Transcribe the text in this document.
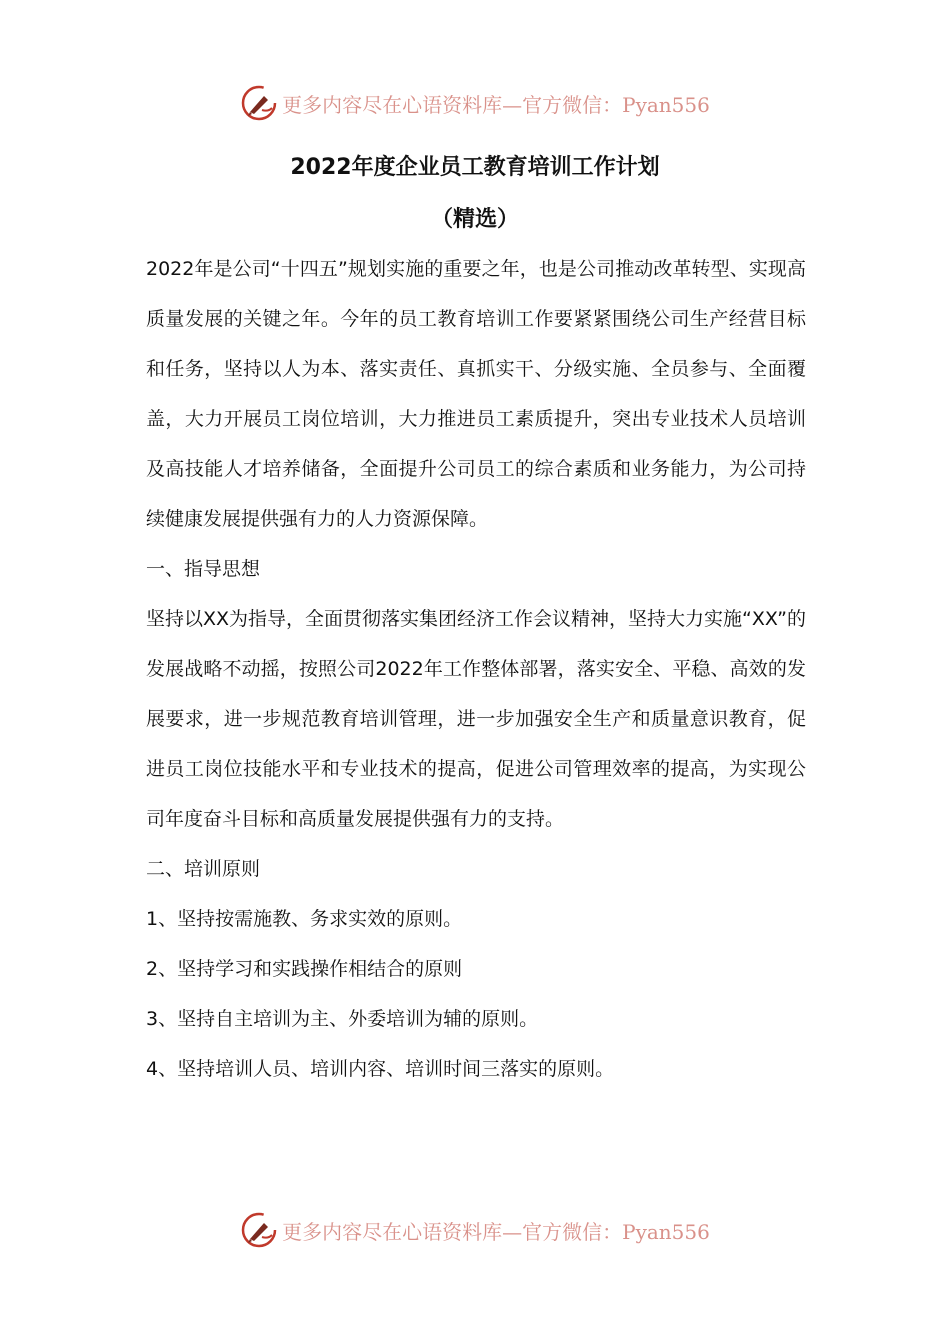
更多内容尽在心语资料库—官方微信：Pyan556
2022年度企业员工教育培训工作计划
（精选）

2022年是公司“十四五”规划实施的重要之年，也是公司推动改革转型、实现高质量发展的关键之年。今年的员工教育培训工作要紧紧围绕公司生产经营目标和任务，坚持以人为本、落实责任、真抓实干、分级实施、全员参与、全面覆盖，大力开展员工岗位培训，大力推进员工素质提升，突出专业技术人员培训及高技能人才培养储备，全面提升公司员工的综合素质和业务能力，为公司持续健康发展提供强有力的人力资源保障。

一、指导思想

坚持以XX为指导，全面贯彻落实集团经济工作会议精神，坚持大力实施“XX”的发展战略不动摇，按照公司2022年工作整体部署，落实安全、平稳、高效的发展要求，进一步规范教育培训管理，进一步加强安全生产和质量意识教育，促进员工岗位技能水平和专业技术的提高，促进公司管理效率的提高，为实现公司年度奋斗目标和高质量发展提供强有力的支持。

二、培训原则

1、坚持按需施教、务求实效的原则。

2、坚持学习和实践操作相结合的原则

3、坚持自主培训为主、外委培训为辅的原则。

4、坚持培训人员、培训内容、培训时间三落实的原则。

更多内容尽在心语资料库—官方微信：Pyan556
